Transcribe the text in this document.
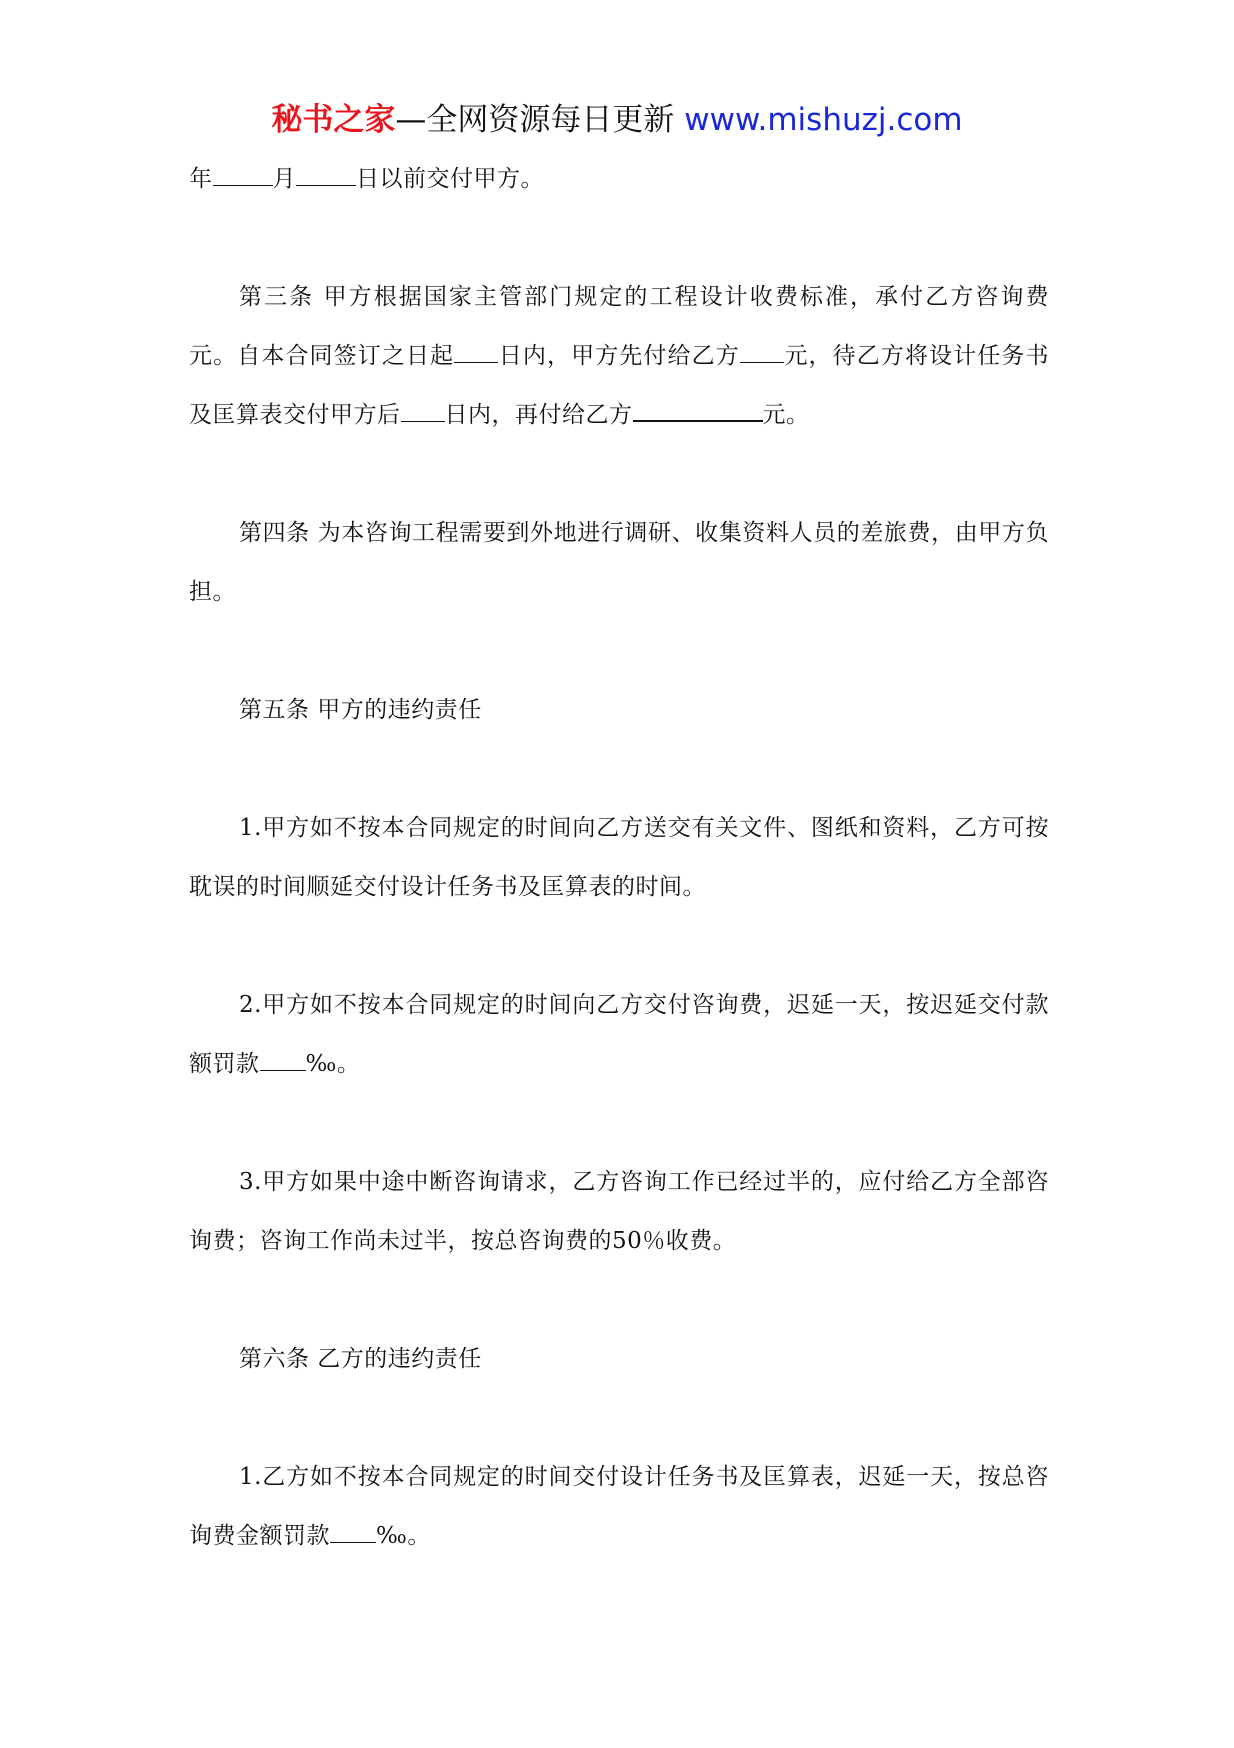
秘书之家—全网资源每日更新 www.mishuzj.com

年	月	日以前交付甲方。

第三条 甲方根据国家主管部门规定的工程设计收费标准，承付乙方咨询费 元。自本合同签订之日起 日内，甲方先付给乙方 元，待乙方将设计任务书及匡算表交付甲方后 日内，再付给乙方	元。

第四条 为本咨询工程需要到外地进行调研、收集资料人员的差旅费，由甲方负担。

第五条 甲方的违约责任

1.甲方如不按本合同规定的时间向乙方送交有关文件、图纸和资料，乙方可按耽误的时间顺延交付设计任务书及匡算表的时间。

2.甲方如不按本合同规定的时间向乙方交付咨询费，迟延一天，按迟延交付款额罚款 ‰。

3.甲方如果中途中断咨询请求，乙方咨询工作已经过半的，应付给乙方全部咨询费；咨询工作尚未过半，按总咨询费的50％收费。

第六条 乙方的违约责任

1.乙方如不按本合同规定的时间交付设计任务书及匡算表，迟延一天，按总咨询费金额罚款 ‰。
